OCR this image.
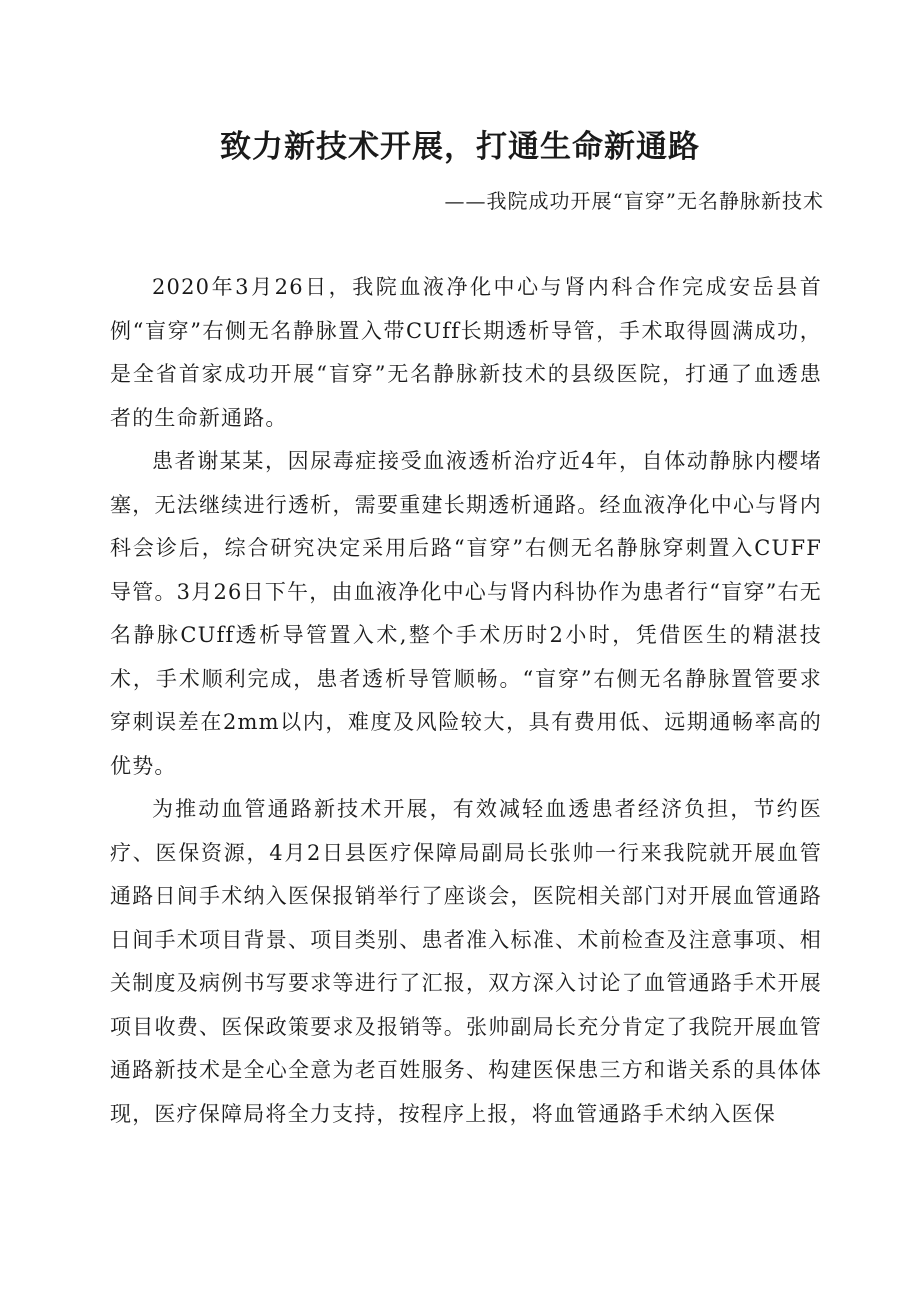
致力新技术开展，打通生命新通路

——我院成功开展“盲穿”无名静脉新技术

2020年3月26日，我院血液净化中心与肾内科合作完成安岳县首例“盲穿”右侧无名静脉置入带CUff长期透析导管，手术取得圆满成功，是全省首家成功开展“盲穿”无名静脉新技术的县级医院，打通了血透患者的生命新通路。

患者谢某某，因尿毒症接受血液透析治疗近4年，自体动静脉内樱堵塞，无法继续进行透析，需要重建长期透析通路。经血液净化中心与肾内科会诊后，综合研究决定采用后路“盲穿”右侧无名静脉穿刺置入CUFF导管。3月26日下午，由血液净化中心与肾内科协作为患者行“盲穿”右无名静脉CUff透析导管置入术,整个手术历时2小时，凭借医生的精湛技术，手术顺利完成，患者透析导管顺畅。“盲穿”右侧无名静脉置管要求穿刺误差在2mm以内，难度及风险较大，具有费用低、远期通畅率高的优势。

为推动血管通路新技术开展，有效减轻血透患者经济负担，节约医疗、医保资源，4月2日县医疗保障局副局长张帅一行来我院就开展血管通路日间手术纳入医保报销举行了座谈会，医院相关部门对开展血管通路日间手术项目背景、项目类别、患者准入标准、术前检查及注意事项、相关制度及病例书写要求等进行了汇报，双方深入讨论了血管通路手术开展项目收费、医保政策要求及报销等。张帅副局长充分肯定了我院开展血管通路新技术是全心全意为老百姓服务、构建医保患三方和谐关系的具体体现，医疗保障局将全力支持，按程序上报，将血管通路手术纳入医保
